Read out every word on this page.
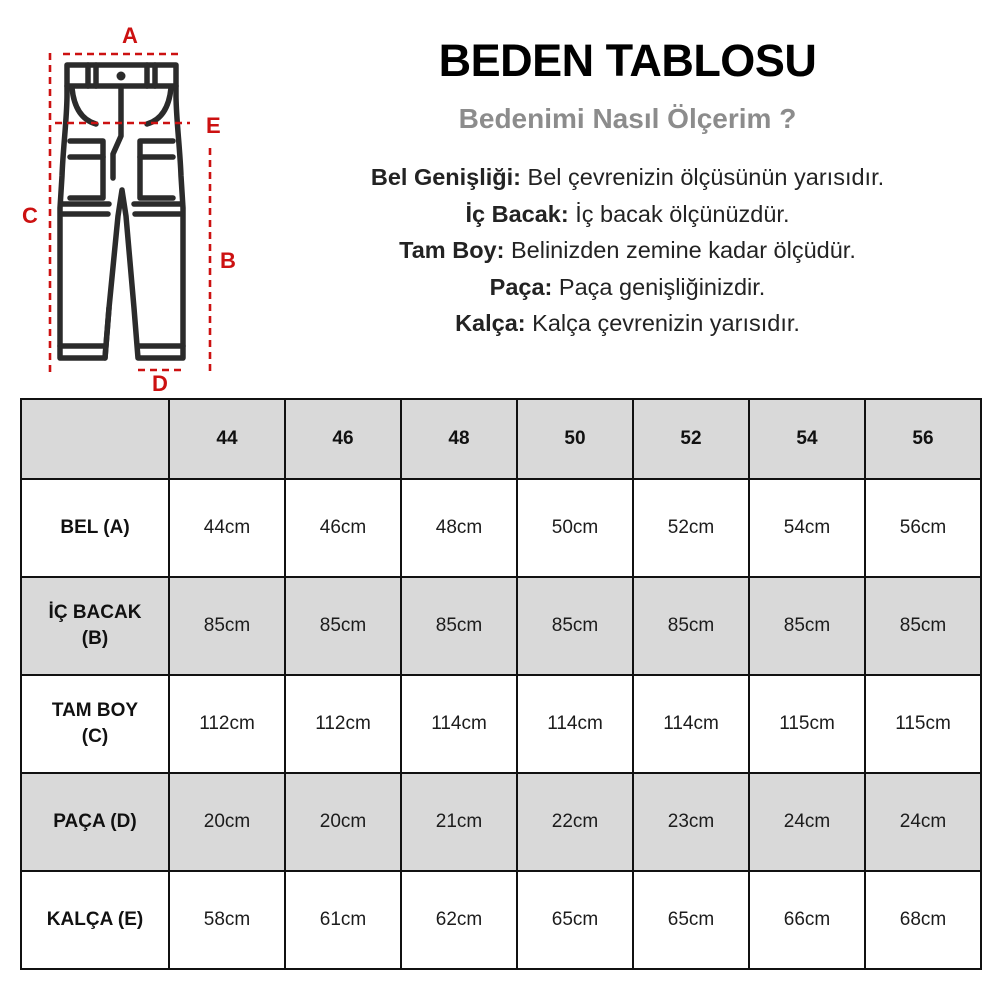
A
E
C
B
D
BEDEN TABLOSU
Bedenimi Nasıl Ölçerim ?
Bel Genişliği: Bel çevrenizin ölçüsünün yarısıdır.
İç Bacak: İç bacak ölçünüzdür.
Tam Boy: Belinizden zemine kadar ölçüdür.
Paça: Paça genişliğinizdir.
Kalça: Kalça çevrenizin yarısıdır.
	44	46	48	50	52	54	56
BEL (A)	44cm	46cm	48cm	50cm	52cm	54cm	56cm
İÇ BACAK
(B)	85cm	85cm	85cm	85cm	85cm	85cm	85cm
TAM BOY
(C)	112cm	112cm	114cm	114cm	114cm	115cm	115cm
PAÇA (D)	20cm	20cm	21cm	22cm	23cm	24cm	24cm
KALÇA (E)	58cm	61cm	62cm	65cm	65cm	66cm	68cm
